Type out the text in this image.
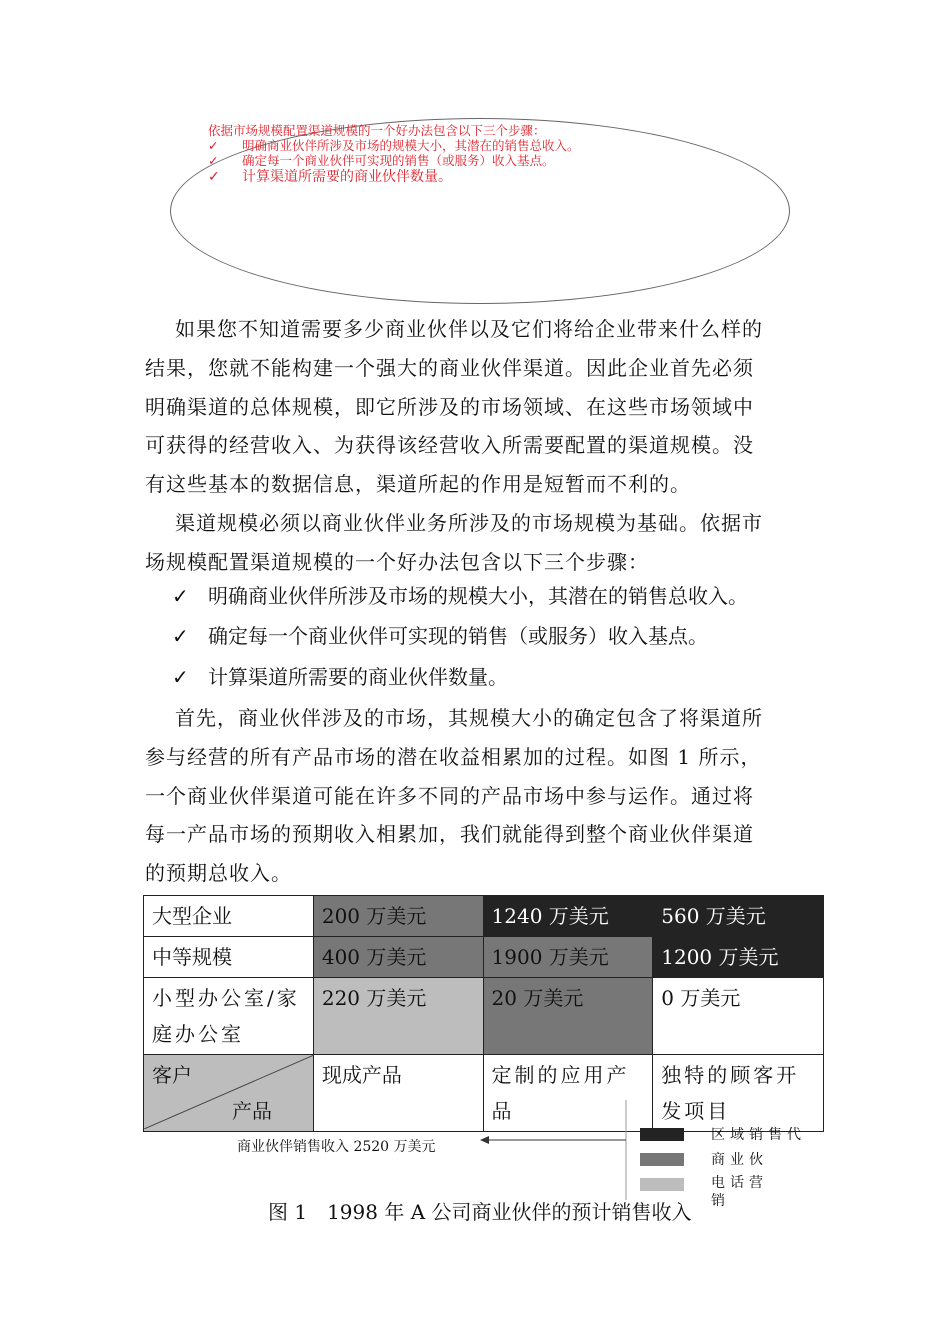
依据市场规模配置渠道规模的一个好办法包含以下三个步骤：
✓ 明确商业伙伴所涉及市场的规模大小，其潜在的销售总收入。
✓ 确定每一个商业伙伴可实现的销售（或服务）收入基点。
✓ 计算渠道所需要的商业伙伴数量。
如果您不知道需要多少商业伙伴以及它们将给企业带来什么样的
结果，您就不能构建一个强大的商业伙伴渠道。因此企业首先必须
明确渠道的总体规模，即它所涉及的市场领域、在这些市场领域中
可获得的经营收入、为获得该经营收入所需要配置的渠道规模。没
有这些基本的数据信息，渠道所起的作用是短暂而不利的。
渠道规模必须以商业伙伴业务所涉及的市场规模为基础。依据市
场规模配置渠道规模的一个好办法包含以下三个步骤：
✓ 明确商业伙伴所涉及市场的规模大小，其潜在的销售总收入。
✓ 确定每一个商业伙伴可实现的销售（或服务）收入基点。
✓ 计算渠道所需要的商业伙伴数量。
首先，商业伙伴涉及的市场，其规模大小的确定包含了将渠道所
参与经营的所有产品市场的潜在收益相累加的过程。如图 1 所示，
一个商业伙伴渠道可能在许多不同的产品市场中参与运作。通过将
每一产品市场的预期收入相累加，我们就能得到整个商业伙伴渠道
的预期总收入。
大型企业	200 万美元	1240 万美元	560 万美元
中等规模	400 万美元	1900 万美元	1200 万美元
小型办公室/家庭办公室	220 万美元	20 万美元	0 万美元

客户
产品	现成产品	定制的应用产品	独特的顾客开发项目
区域销售代
商业伙
电话营销
商业伙伴销售收入 2520 万美元
图 1　1998 年 A 公司商业伙伴的预计销售收入
